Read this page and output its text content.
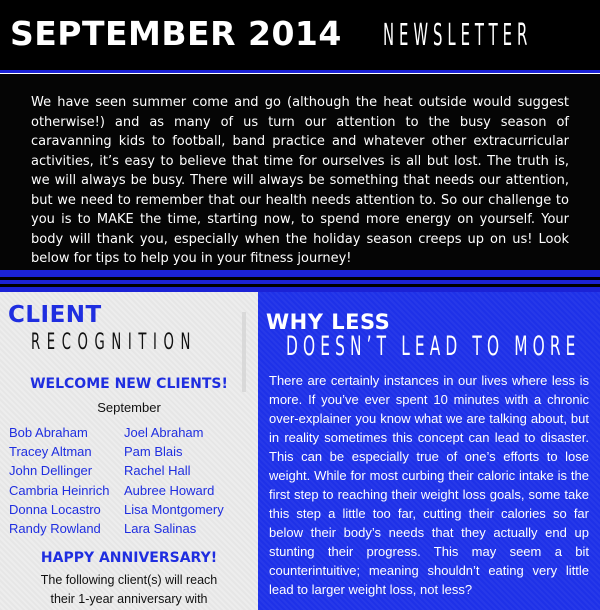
SEPTEMBER 2014 NEWSLETTER
We have seen summer come and go (although the heat outside would suggest otherwise!) and as many of us turn our attention to the busy season of caravanning kids to football, band practice and whatever other extracurricular activities, it’s easy to believe that time for ourselves is all but lost. The truth is, we will always be busy. There will always be something that needs our attention, but we need to remember that our health needs attention to. So our challenge to you is to MAKE the time, starting now, to spend more energy on yourself. Your body will thank you, especially when the holiday season creeps up on us! Look below for tips to help you in your fitness journey!
CLIENT
RECOGNITION
WELCOME NEW CLIENTS!
September
Bob Abraham
Tracey Altman
John Dellinger
Cambria Heinrich
Donna Locastro
Randy Rowland
Joel Abraham
Pam Blais
Rachel Hall
Aubree Howard
Lisa Montgomery
Lara Salinas
HAPPY ANNIVERSARY!
The following client(s) will reach
their 1-year anniversary with
WHY LESS
DOESN’T LEAD TO MORE
There are certainly instances in our lives where less is more. If you’ve ever spent 10 minutes with a chronic over-explainer you know what we are talking about, but in reality sometimes this concept can lead to disaster. This can be especially true of one’s efforts to lose weight. While for most curbing their caloric intake is the first step to reaching their weight loss goals, some take this step a little too far, cutting their calories so far below their body’s needs that they actually end up stunting their progress. This may seem a bit counterintuitive; meaning shouldn’t eating very little lead to larger weight loss, not less?
